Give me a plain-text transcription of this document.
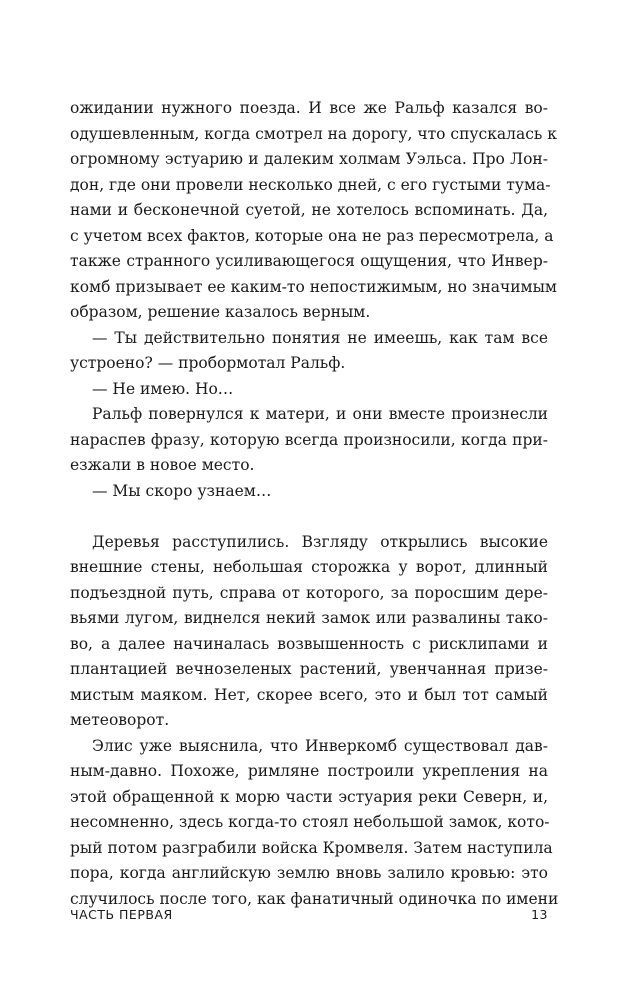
ожидании нужного поезда. И все же Ральф казался во-
одушевленным, когда смотрел на дорогу, что спускалась к
огромному эстуарию и далеким холмам Уэльса. Про Лон-
дон, где они провели несколько дней, с его густыми тума-
нами и бесконечной суетой, не хотелось вспоминать. Да,
с учетом всех фактов, которые она не раз пересмотрела, а
также странного усиливающегося ощущения, что Инвер-
комб призывает ее каким-то непостижимым, но значимым
образом, решение казалось верным.
— Ты действительно понятия не имеешь, как там все
устроено? — пробормотал Ральф.
— Не имею. Но…
Ральф повернулся к матери, и они вместе произнесли
нараспев фразу, которую всегда произносили, когда при-
езжали в новое место.
— Мы скоро узнаем…
Деревья расступились. Взгляду открылись высокие
внешние стены, небольшая сторожка у ворот, длинный
подъездной путь, справа от которого, за поросшим дере-
вьями лугом, виднелся некий замок или развалины такo-
во, а далее начиналась возвышенность с рисклипами и
плантацией вечнозеленых растений, увенчанная призе-
мистым маяком. Нет, скорее всего, это и был тот самый
метеоворот.
Элис уже выяснила, что Инверкомб существовал дав-
ным-давно. Похоже, римляне построили укрепления на
этой обращенной к морю части эстуария реки Северн, и,
несомненно, здесь когда-то стоял небольшой замок, кото-
рый потом разграбили войска Кромвеля. Затем наступила
пора, когда английскую землю вновь залило кровью: это
случилось после того, как фанатичный одиночка по имени
ЧАСТЬ ПЕРВАЯ	13
